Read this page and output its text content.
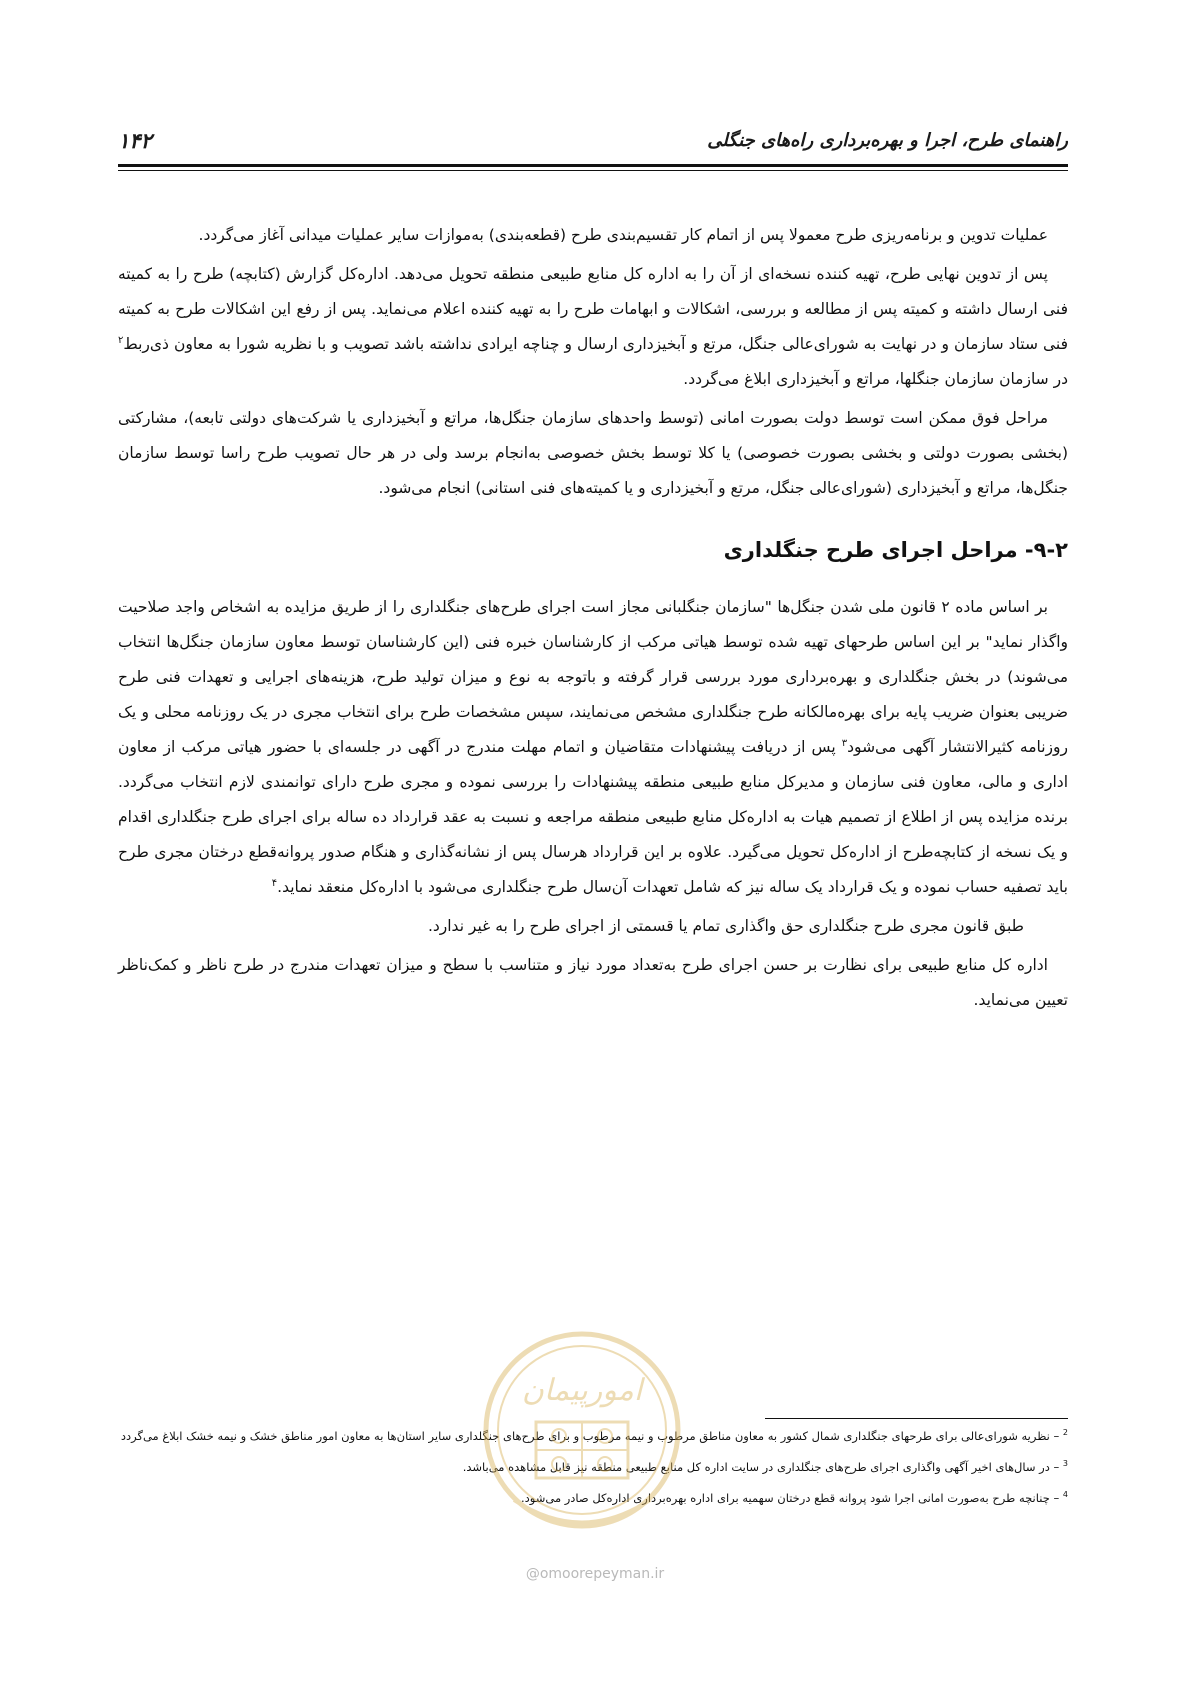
راهنمای طرح، اجرا و بهره‌برداری راه‌های جنگلی
۱۴۲

عملیات تدوین و برنامه‌ریزی طرح معمولا پس از اتمام کار تقسیم‌بندی طرح (قطعه‌بندی) به‌موازات سایر عملیات میدانی آغاز می‌گردد.

پس از تدوین نهایی طرح، تهیه کننده نسخه‌ای از آن را به اداره کل منابع طبیعی منطقه تحویل می‌دهد. اداره‌کل گزارش (کتابچه) طرح را به کمیته فنی ارسال داشته و کمیته پس از مطالعه و بررسی، اشکالات و ابهامات طرح را به تهیه کننده اعلام می‌نماید. پس از رفع این اشکالات طرح به کمیته فنی ستاد سازمان و در نهایت به شورای‌عالی جنگل، مرتع و آبخیزداری ارسال و چناچه ایرادی نداشته باشد تصویب و با نظریه شورا به معاون ذی‌ربط$^۲$ در سازمان سازمان جنگلها، مراتع و آبخیزداری ابلاغ می‌گردد.

مراحل فوق ممکن است توسط دولت بصورت امانی (توسط واحدهای سازمان جنگل‌ها، مراتع و آبخیزداری یا شرکت‌های دولتی تابعه)، مشارکتی (بخشی بصورت دولتی و بخشی بصورت خصوصی) یا کلا توسط بخش خصوصی به‌انجام برسد ولی در هر حال تصویب طرح راسا توسط سازمان جنگل‌ها، مراتع و آبخیزداری (شورای‌عالی جنگل، مرتع و آبخیزداری و یا کمیته‌های فنی استانی) انجام می‌شود.

۹-۲- مراحل اجرای طرح جنگلداری

بر اساس ماده ۲ قانون ملی شدن جنگل‌ها "سازمان جنگلبانی مجاز است اجرای طرح‌های جنگلداری را از طریق مزایده به اشخاص واجد صلاحیت واگذار نماید" بر این اساس طرحهای تهیه شده توسط هیاتی مرکب از کارشناسان خبره فنی (این کارشناسان توسط معاون سازمان جنگل‌ها انتخاب می‌شوند) در بخش جنگلداری و بهره‌برداری مورد بررسی قرار گرفته و باتوجه به نوع و میزان تولید طرح، هزینه‌های اجرایی و تعهدات فنی طرح ضریبی بعنوان ضریب پایه برای بهره‌مالکانه طرح جنگلداری مشخص می‌نمایند، سپس مشخصات طرح برای انتخاب مجری در یک روزنامه محلی و یک روزنامه کثیرالانتشار آگهی می‌شود$^۳$ پس از دریافت پیشنهادات متقاضیان و اتمام مهلت مندرج در آگهی در جلسه‌ای با حضور هیاتی مرکب از معاون اداری و مالی، معاون فنی سازمان و مدیرکل منابع طبیعی منطقه پیشنهادات را بررسی نموده و مجری طرح دارای توانمندی لازم انتخاب می‌گردد. برنده مزایده پس از اطلاع از تصمیم هیات به اداره‌کل منابع طبیعی منطقه مراجعه و نسبت به عقد قرارداد ده ساله برای اجرای طرح جنگلداری اقدام و یک نسخه از کتابچه‌طرح از اداره‌کل تحویل می‌گیرد. علاوه بر این قرارداد هرسال پس از نشانه‌گذاری و هنگام صدور پروانه‌قطع درختان مجری طرح باید تصفیه حساب نموده و یک قرارداد یک ساله نیز که شامل تعهدات آن‌سال طرح جنگلداری می‌شود با اداره‌کل منعقد نماید.$^۴$

طبق قانون مجری طرح جنگلداری حق واگذاری تمام یا قسمتی از اجرای طرح را به غیر ندارد.

اداره کل منابع طبیعی برای نظارت بر حسن اجرای طرح به‌تعداد مورد نیاز و متناسب با سطح و میزان تعهدات مندرج در طرح ناظر و کمک‌ناظر تعیین می‌نماید.

$^2$ – نظریه شورای‌عالی برای طرحهای جنگلداری شمال کشور به معاون مناطق مرطوب و نیمه مرطوب و برای طرح‌های جنگلداری سایر استان‌ها به معاون امور مناطق خشک و نیمه خشک ابلاغ می‌گردد

$^3$ – در سال‌های اخیر آگهی واگذاری اجرای طرح‌های جنگلداری در سایت اداره کل منابع طبیعی منطقه نیز قابل مشاهده می‌باشد.

$^4$ – چنانچه طرح به‌صورت امانی اجرا شود پروانه قطع درختان سهمیه برای اداره بهره‌برداری اداره‌کل صادر می‌شود.

امورپیمان
@omoorepeyman.ir
